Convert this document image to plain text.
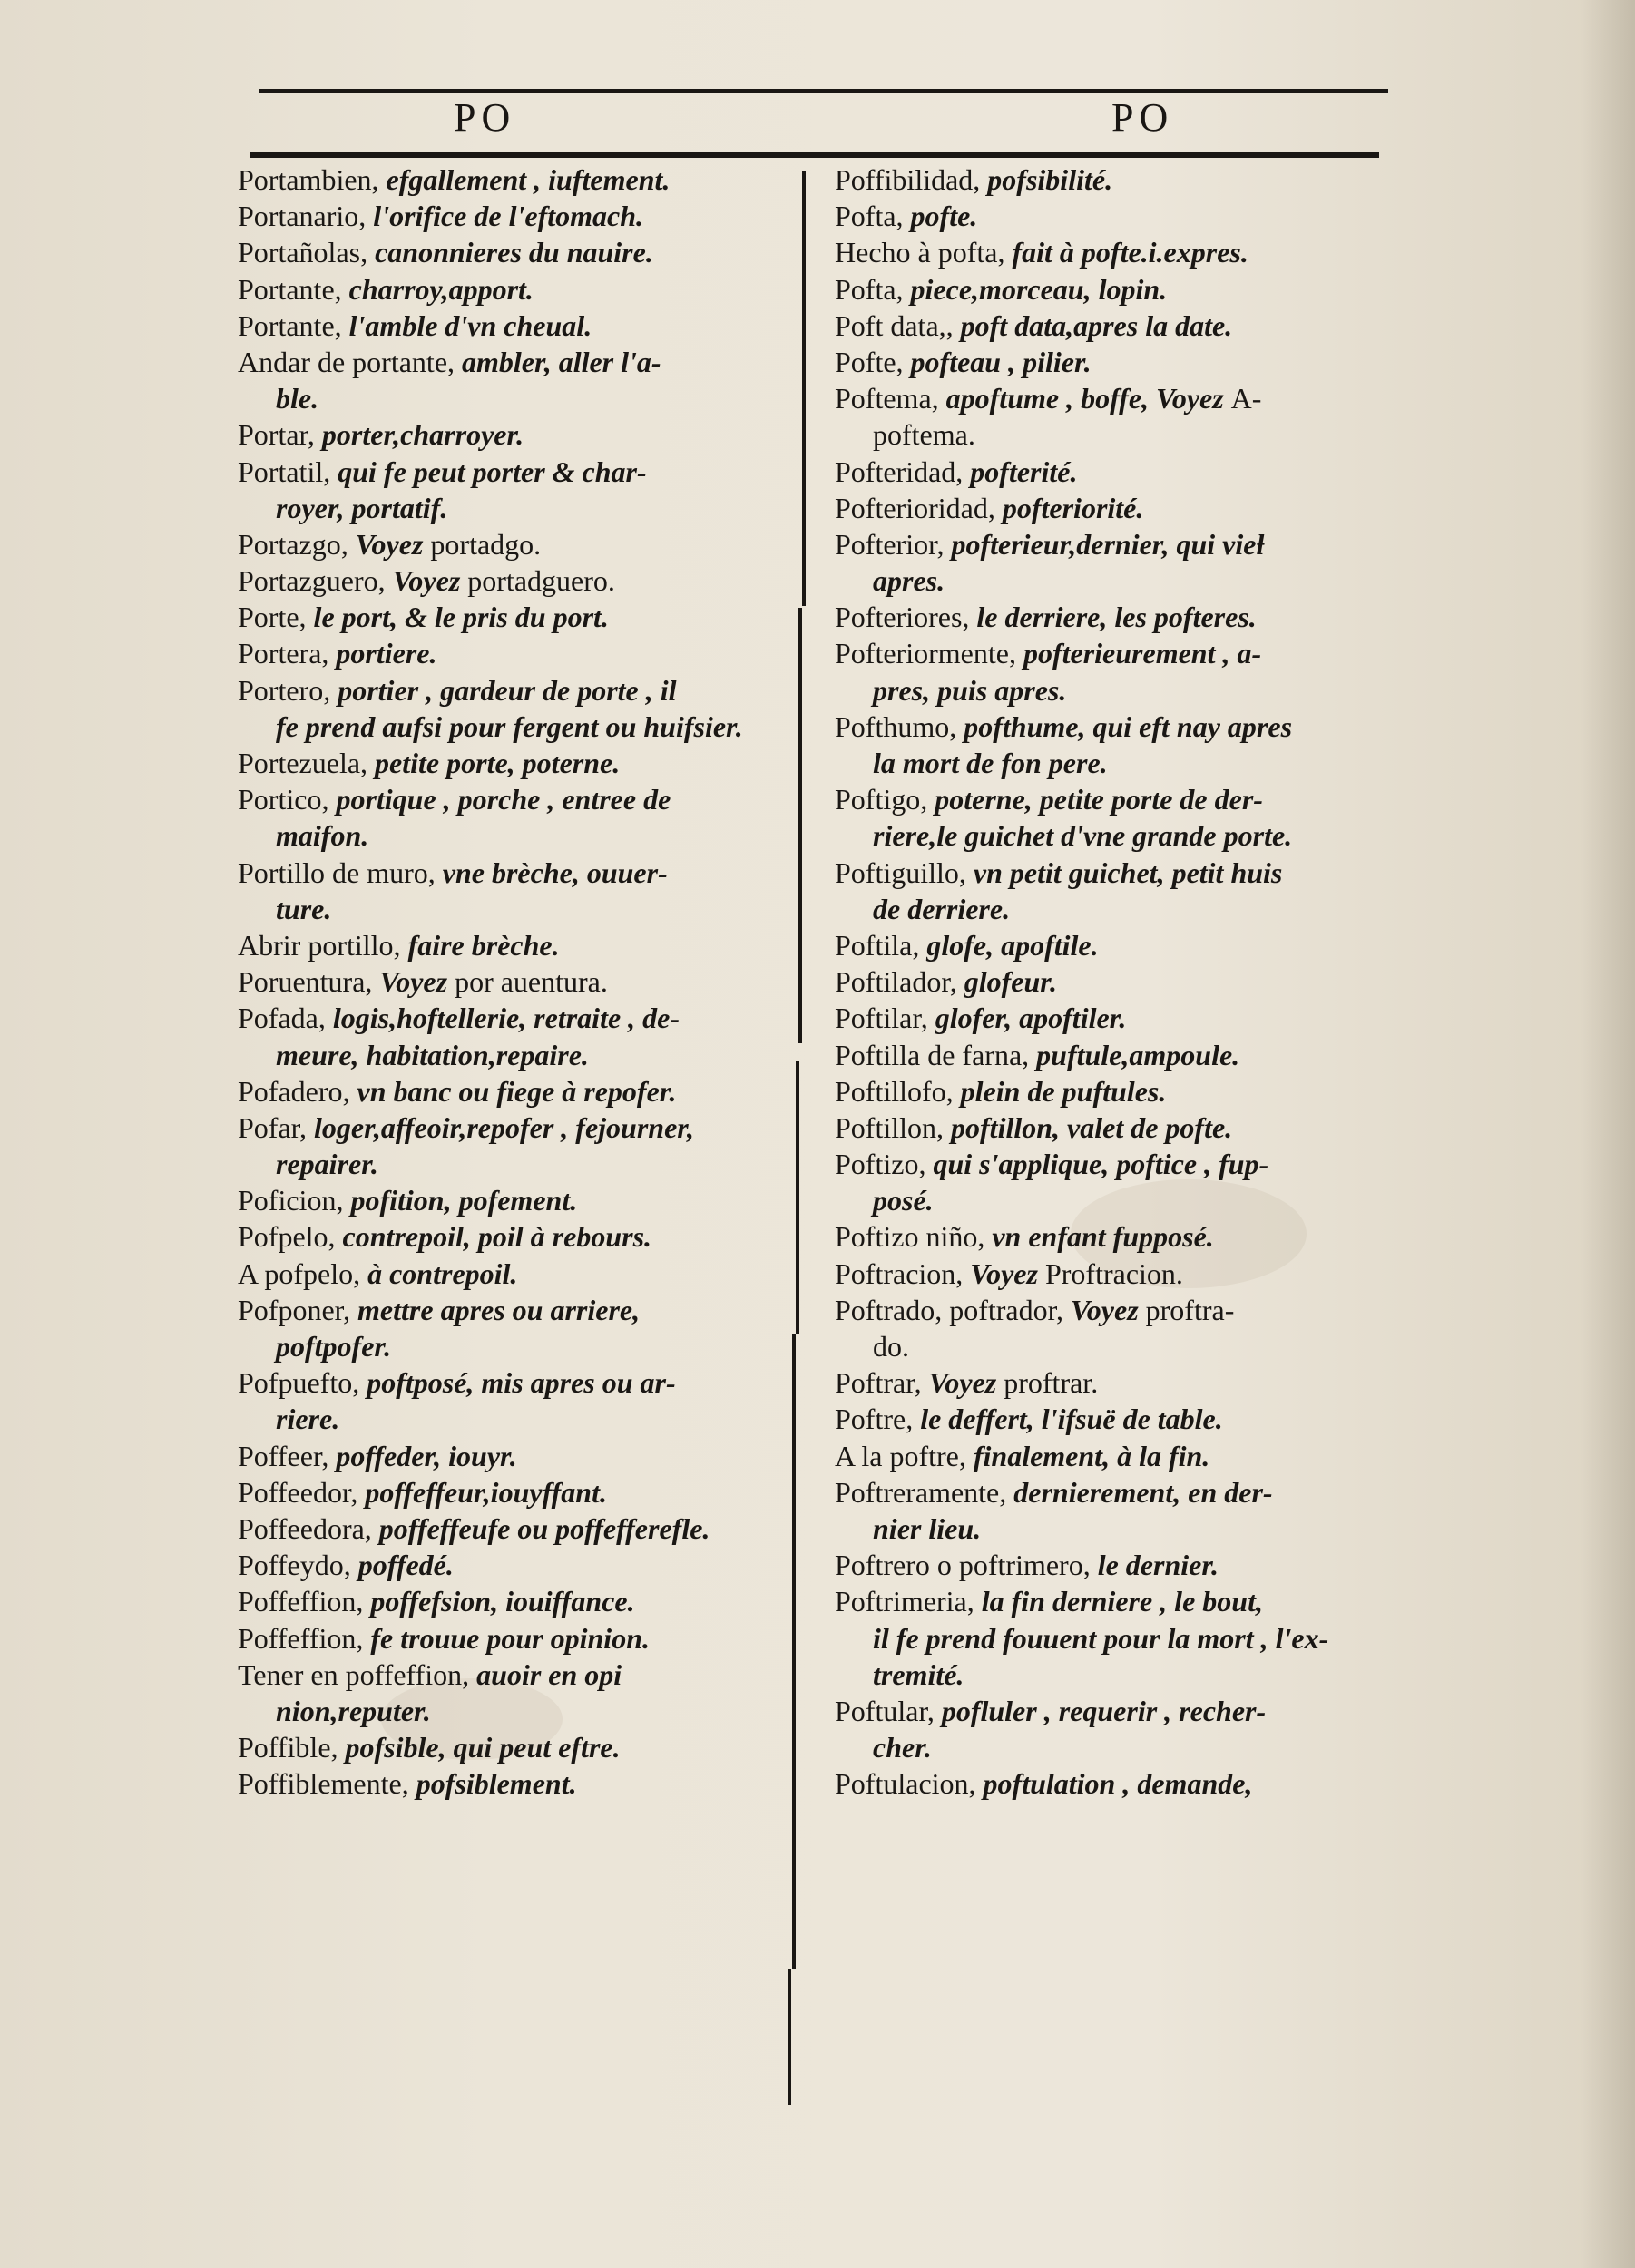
PO	PO
Portambien, efgallement , iuftement.
Portanario, l'orifice de l'eftomach.
Portañolas, canonnieres du nauire.
Portante, charroy,apport.
Portante, l'amble d'vn cheual.
Andar de portante, ambler, aller l'a-
ble.
Portar, porter,charroyer.
Portatil, qui fe peut porter & char-
royer, portatif.
Portazgo, Voyez portadgo.
Portazguero, Voyez portadguero.
Porte, le port, & le pris du port.
Portera, portiere.
Portero, portier , gardeur de porte , il
fe prend aufsi pour fergent ou huifsier.
Portezuela, petite porte, poterne.
Portico, portique , porche , entree de
maifon.
Portillo de muro, vne brèche, ouuer-
ture.
Abrir portillo, faire brèche.
Poruentura, Voyez por auentura.
Pofada, logis,hoftellerie, retraite , de-
meure, habitation,repaire.
Pofadero, vn banc ou fiege à repofer.
Pofar, loger,affeoir,repofer , fejourner,
repairer.
Poficion, pofition, pofement.
Pofpelo, contrepoil, poil à rebours.
A pofpelo, à contrepoil.
Pofponer, mettre apres ou arriere,
poftpofer.
Pofpuefto, poftposé, mis apres ou ar-
riere.
Poffeer, poffeder, iouyr.
Poffeedor, poffeffeur,iouyffant.
Poffeedora, poffeffeufe ou poffefferefle.
Poffeydo, poffedé.
Poffeffion, poffefsion, iouiffance.
Poffeffion, fe trouue pour opinion.
Tener en poffeffion, auoir en opi
nion,reputer.
Poffible, pofsible, qui peut eftre.
Poffiblemente, pofsiblement.
Poffibilidad, pofsibilité.
Pofta, pofte.
Hecho à pofta, fait à pofte.i.expres.
Pofta, piece,morceau, lopin.
Poft data,, poft data,apres la date.
Pofte, pofteau , pilier.
Poftema, apoftume , boffe, Voyez A-
poftema.
Pofteridad, pofterité.
Pofterioridad, pofteriorité.
Pofterior, pofterieur,dernier, qui vieƚ
apres.
Pofteriores, le derriere, les pofteres.
Pofteriormente, pofterieurement , a-
pres, puis apres.
Pofthumo, pofthume, qui eft nay apres
la mort de fon pere.
Poftigo, poterne, petite porte de der-
riere,le guichet d'vne grande porte.
Poftiguillo, vn petit guichet, petit huis
de derriere.
Poftila, glofe, apoftile.
Poftilador, glofeur.
Poftilar, glofer, apoftiler.
Poftilla de farna, puftule,ampoule.
Poftillofo, plein de puftules.
Poftillon, poftillon, valet de pofte.
Poftizo, qui s'applique, poftice , fup-
posé.
Poftizo niño, vn enfant fupposé.
Poftracion, Voyez Proftracion.
Poftrado, poftrador, Voyez proftra-
do.
Poftrar, Voyez proftrar.
Poftre, le deffert, l'ifsuë de table.
A la poftre, finalement, à la fin.
Poftreramente, dernierement, en der-
nier lieu.
Poftrero o poftrimero, le dernier.
Poftrimeria, la fin derniere , le bout,
il fe prend fouuent pour la mort , l'ex-
tremité.
Poftular, pofluler , requerir , recher-
cher.
Poftulacion, poftulation , demande,
